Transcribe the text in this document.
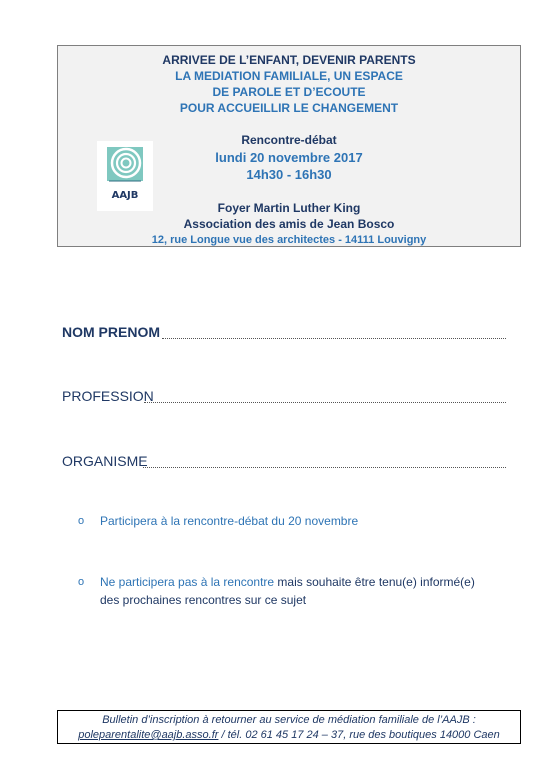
ARRIVEE DE L’ENFANT, DEVENIR PARENTS
LA MEDIATION FAMILIALE, UN ESPACE
DE PAROLE ET D’ECOUTE
POUR ACCUEILLIR LE CHANGEMENT
Rencontre-débat
lundi 20 novembre 2017
14h30 - 16h30
Foyer Martin Luther King
Association des amis de Jean Bosco
12, rue Longue vue des architectes - 14111 Louvigny
AAJB
NOM PRENOM
PROFESSION
ORGANISME
o Participera à la rencontre-débat du 20 novembre
o Ne participera pas à la rencontre mais souhaite être tenu(e) informé(e)
des prochaines rencontres sur ce sujet
Bulletin d’inscription à retourner au service de médiation familiale de l’AAJB :
poleparentalite@aajb.asso.fr / tél. 02 61 45 17 24 – 37, rue des boutiques 14000 Caen
